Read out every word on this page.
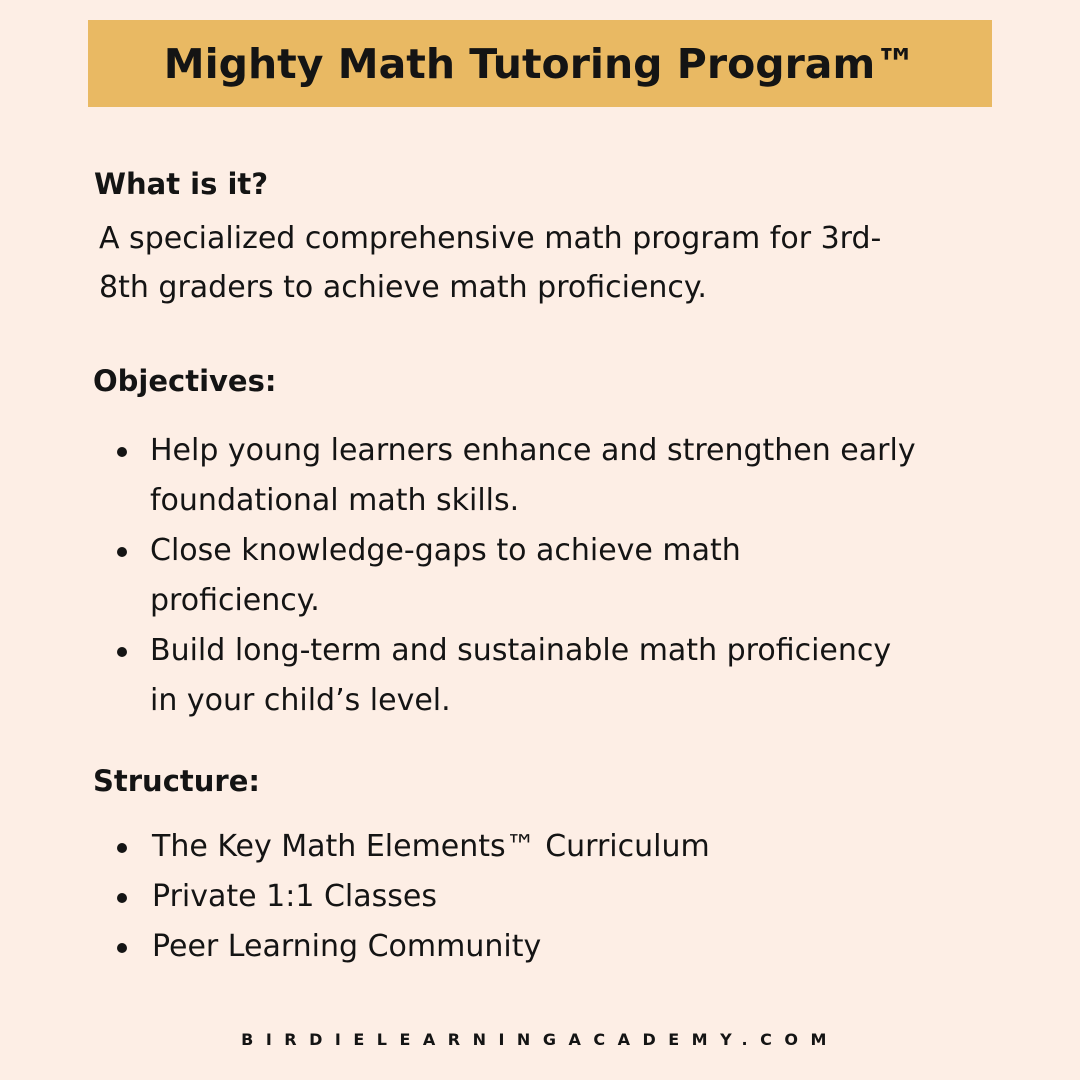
Mighty Math Tutoring Program™
What is it?

A specialized comprehensive math program for 3rd-
8th graders to achieve math proficiency.

Objectives:
Help young learners enhance and strengthen early
foundational math skills.
Close knowledge-gaps to achieve math
proficiency.
Build long-term and sustainable math proficiency
in your child’s level.
Structure:
The Key Math Elements™ Curriculum
Private 1:1 Classes
Peer Learning Community
BIRDIELEARNINGACADEMY.COM
